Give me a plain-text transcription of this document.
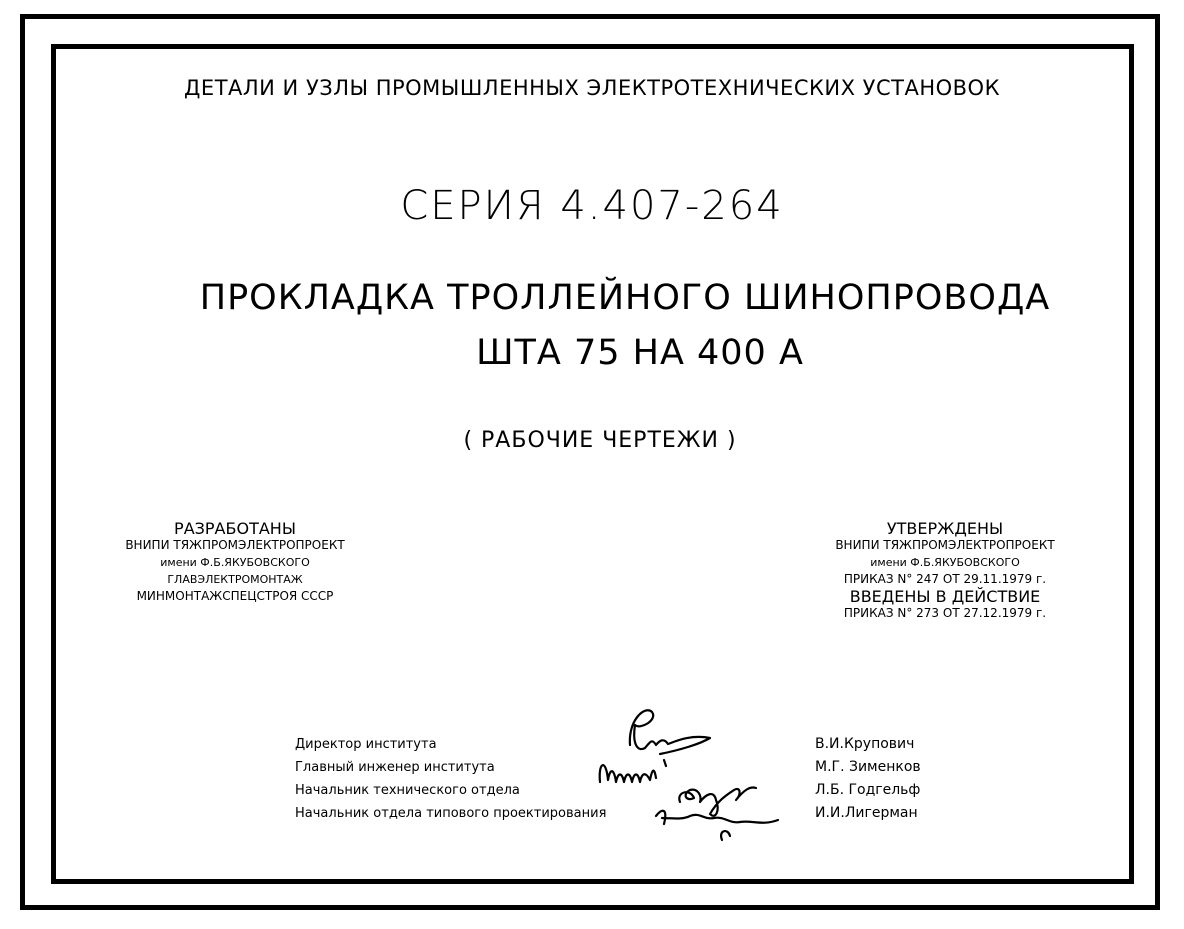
ДЕТАЛИ И УЗЛЫ ПРОМЫШЛЕННЫХ ЭЛЕКТРОТЕХНИЧЕСКИХ УСТАНОВОК
СЕРИЯ 4.407-264
ПРОКЛАДКА ТРОЛЛЕЙНОГО ШИНОПРОВОДА
ШТА 75 НА 400 А
( РАБОЧИЕ ЧЕРТЕЖИ )
РАЗРАБОТАНЫ
ВНИПИ ТЯЖПРОМЭЛЕКТРОПРОЕКТ
имени Ф.Б.ЯКУБОВСКОГО
ГЛАВЭЛЕКТРОМОНТАЖ
МИНМОНТАЖСПЕЦСТРОЯ СССР
УТВЕРЖДЕНЫ
ВНИПИ ТЯЖПРОМЭЛЕКТРОПРОЕКТ
имени Ф.Б.ЯКУБОВСКОГО
ПРИКАЗ N° 247 ОТ 29.11.1979 г.
ВВЕДЕНЫ В ДЕЙСТВИЕ
ПРИКАЗ N° 273 ОТ 27.12.1979 г.
Директор института
Главный инженер института
Начальник технического отдела
Начальник отдела типового проектирования
В.И.Крупович
М.Г. Зименков
Л.Б. Годгельф
И.И.Лигерман
